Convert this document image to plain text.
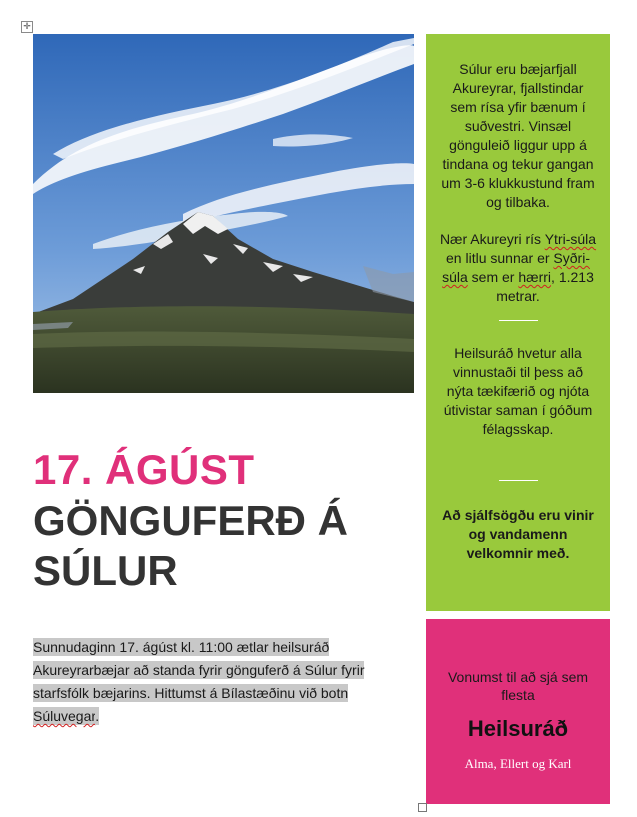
✛
17. ÁGÚST
GÖNGUFERÐ Á SÚLUR
Sunnudaginn 17. ágúst kl. 11:00 ætlar heilsuráð Akureyrarbæjar að standa fyrir gönguferð á Súlur fyrir starfsfólk bæjarins. Hittumst á Bílastæðinu við botn Súluvegar.

Súlur eru bæjarfjall Akureyrar, fjallstindar sem rísa yfir bænum í suðvestri. Vinsæl gönguleið liggur upp á tindana og tekur gangan um 3-6 klukkustund fram og tilbaka.

Nær Akureyri rís Ytri-súla en litlu sunnar er Syðri-súla sem er hærri, 1.213 metrar.

Heilsuráð hvetur alla vinnustaði til þess að nýta tækifærið og njóta útivistar saman í góðum félagsskap.

Að sjálfsögðu eru vinir og vandamenn velkomnir með.

Vonumst til að sjá sem flesta
Heilsuráð
Alma, Ellert og Karl
